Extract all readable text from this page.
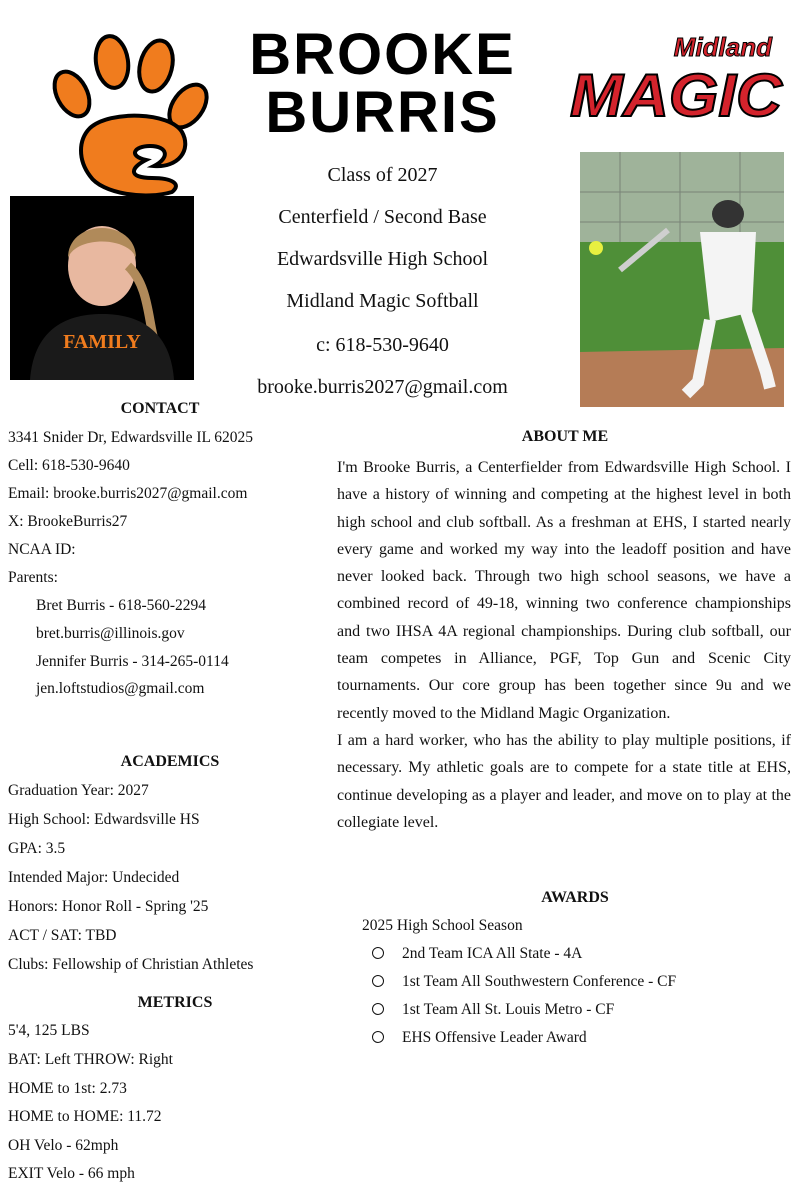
BROOKE
BURRIS
Class of 2027
Centerfield / Second Base
Edwardsville High School
Midland Magic Softball
c: 618-530-9640
brooke.burris2027@gmail.com
Midland
MAGIC
FAMILY
CONTACT
3341 Snider Dr, Edwardsville IL 62025
Cell: 618-530-9640
Email: brooke.burris2027@gmail.com
X: BrookeBurris27
NCAA ID:
Parents:
Bret Burris - 618-560-2294
bret.burris@illinois.gov
Jennifer Burris - 314-265-0114
jen.loftstudios@gmail.com
ACADEMICS
Graduation Year: 2027
High School: Edwardsville HS
GPA: 3.5
Intended Major: Undecided
Honors: Honor Roll - Spring '25
ACT / SAT: TBD
Clubs: Fellowship of Christian Athletes
METRICS
5'4, 125 LBS
BAT: Left THROW: Right
HOME to 1st: 2.73
HOME to HOME: 11.72
OH Velo - 62mph
EXIT Velo - 66 mph
ABOUT ME

I'm Brooke Burris, a Centerfielder from Edwardsville High School. I have a history of winning and competing at the highest level in both high school and club softball. As a freshman at EHS, I started nearly every game and worked my way into the leadoff position and have never looked back. Through two high school seasons, we have a combined record of 49-18, winning two conference championships and two IHSA 4A regional championships. During club softball, our team competes in Alliance, PGF, Top Gun and Scenic City tournaments. Our core group has been together since 9u and we recently moved to the Midland Magic Organization.

I am a hard worker, who has the ability to play multiple positions, if necessary. My athletic goals are to compete for a state title at EHS, continue developing as a player and leader, and move on to play at the collegiate level.

AWARDS
2025 High School Season
2nd Team ICA All State - 4A
1st Team All Southwestern Conference - CF
1st Team All St. Louis Metro - CF
EHS Offensive Leader Award
